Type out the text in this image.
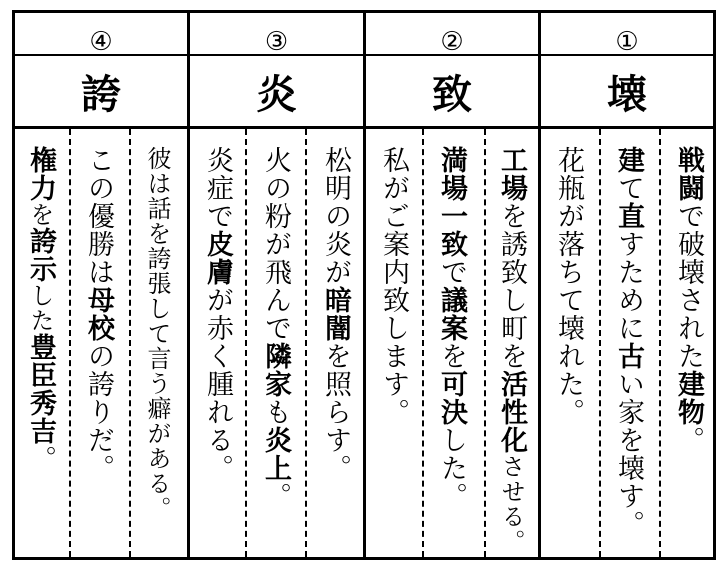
④
誇
権力を誇示した豊臣秀吉。
この優勝は母校の誇りだ。 彼は話を誇張して言う癖がある。
③
炎
炎症で皮膚が赤く腫れる。
火の粉が飛んで隣家も炎上。
松明の炎が暗闇を照らす。
②
致
私がご案内致します。 満場一致で議案を可決した。
工場を誘致し町を活性化させる。
①
壊
花瓶が落ちて壊れた。 建て直すために古い家を壊す。
戦闘で破壊された建物。
